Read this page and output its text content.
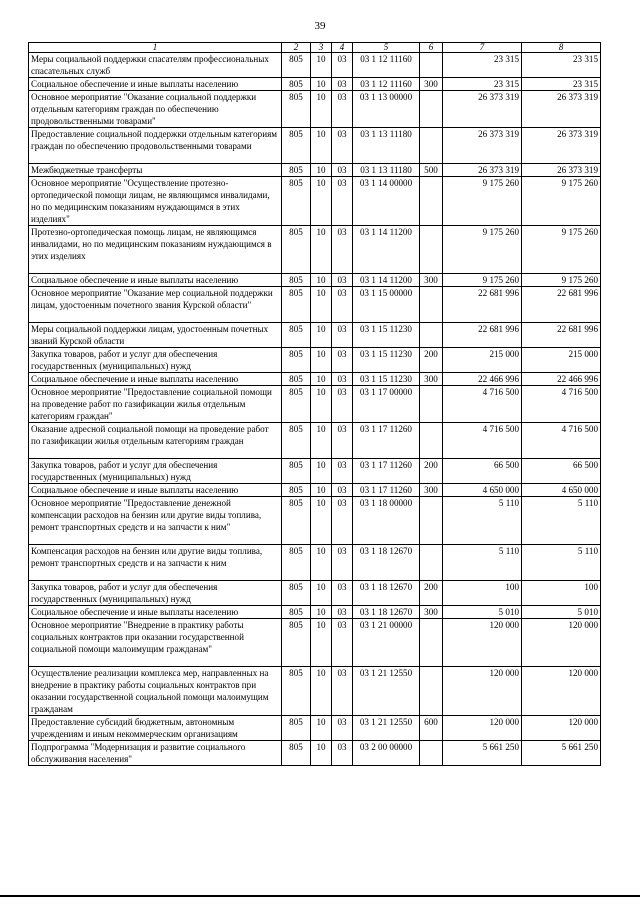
39
1	2	3	4	5	6	7	8
Меры социальной поддержки спасателям профессиональных спасательных служб	805	10	03	03 1 12 11160		23 315	23 315
Социальное обеспечение и иные выплаты населению	805	10	03	03 1 12 11160	300	23 315	23 315
Основное мероприятие "Оказание социальной поддержки отдельным категориям граждан по обеспечению продовольственными товарами"	805	10	03	03 1 13 00000		26 373 319	26 373 319
Предоставление социальной поддержки отдельным категориям граждан по обеспечению продовольственными товарами	805	10	03	03 1 13 11180		26 373 319	26 373 319
Межбюджетные трансферты	805	10	03	03 1 13 11180	500	26 373 319	26 373 319
Основное мероприятие "Осуществление протезно-ортопедической помощи лицам, не являющимся инвалидами, но по медицинским показаниям нуждающимся в этих изделиях"	805	10	03	03 1 14 00000		9 175 260	9 175 260
Протезно-ортопедическая помощь лицам, не являющимся инвалидами, но по медицинским показаниям нуждающимся в этих изделиях	805	10	03	03 1 14 11200		9 175 260	9 175 260
Социальное обеспечение и иные выплаты населению	805	10	03	03 1 14 11200	300	9 175 260	9 175 260
Основное мероприятие "Оказание мер социальной поддержки лицам, удостоенным почетного звания Курской области"	805	10	03	03 1 15 00000		22 681 996	22 681 996
Меры социальной поддержки лицам, удостоенным почетных званий Курской области	805	10	03	03 1 15 11230		22 681 996	22 681 996
Закупка товаров, работ и услуг для обеспечения государственных (муниципальных) нужд	805	10	03	03 1 15 11230	200	215 000	215 000
Социальное обеспечение и иные выплаты населению	805	10	03	03 1 15 11230	300	22 466 996	22 466 996
Основное мероприятие "Предоставление социальной помощи на проведение работ по газификации жилья отдельным категориям граждан"	805	10	03	03 1 17 00000		4 716 500	4 716 500
Оказание адресной социальной помощи на проведение работ по газификации жилья отдельным категориям граждан	805	10	03	03 1 17 11260		4 716 500	4 716 500
Закупка товаров, работ и услуг для обеспечения государственных (муниципальных) нужд	805	10	03	03 1 17 11260	200	66 500	66 500
Социальное обеспечение и иные выплаты населению	805	10	03	03 1 17 11260	300	4 650 000	4 650 000
Основное мероприятие "Предоставление денежной компенсации расходов на бензин или другие виды топлива, ремонт транспортных средств и на запчасти к ним"	805	10	03	03 1 18 00000		5 110	5 110
Компенсация расходов на бензин или другие виды топлива, ремонт транспортных средств и на запчасти к ним	805	10	03	03 1 18 12670		5 110	5 110
Закупка товаров, работ и услуг для обеспечения государственных (муниципальных) нужд	805	10	03	03 1 18 12670	200	100	100
Социальное обеспечение и иные выплаты населению	805	10	03	03 1 18 12670	300	5 010	5 010
Основное мероприятие "Внедрение в практику работы социальных контрактов при оказании государственной социальной помощи малоимущим гражданам"	805	10	03	03 1 21 00000		120 000	120 000
Осуществление реализации комплекса мер, направленных на внедрение в практику работы социальных контрактов при оказании государственной социальной помощи малоимущим гражданам	805	10	03	03 1 21 12550		120 000	120 000
Предоставление субсидий бюджетным, автономным учреждениям и иным некоммерческим организациям	805	10	03	03 1 21 12550	600	120 000	120 000
Подпрограмма "Модернизация и развитие социального обслуживания населения"	805	10	03	03 2 00 00000		5 661 250	5 661 250
